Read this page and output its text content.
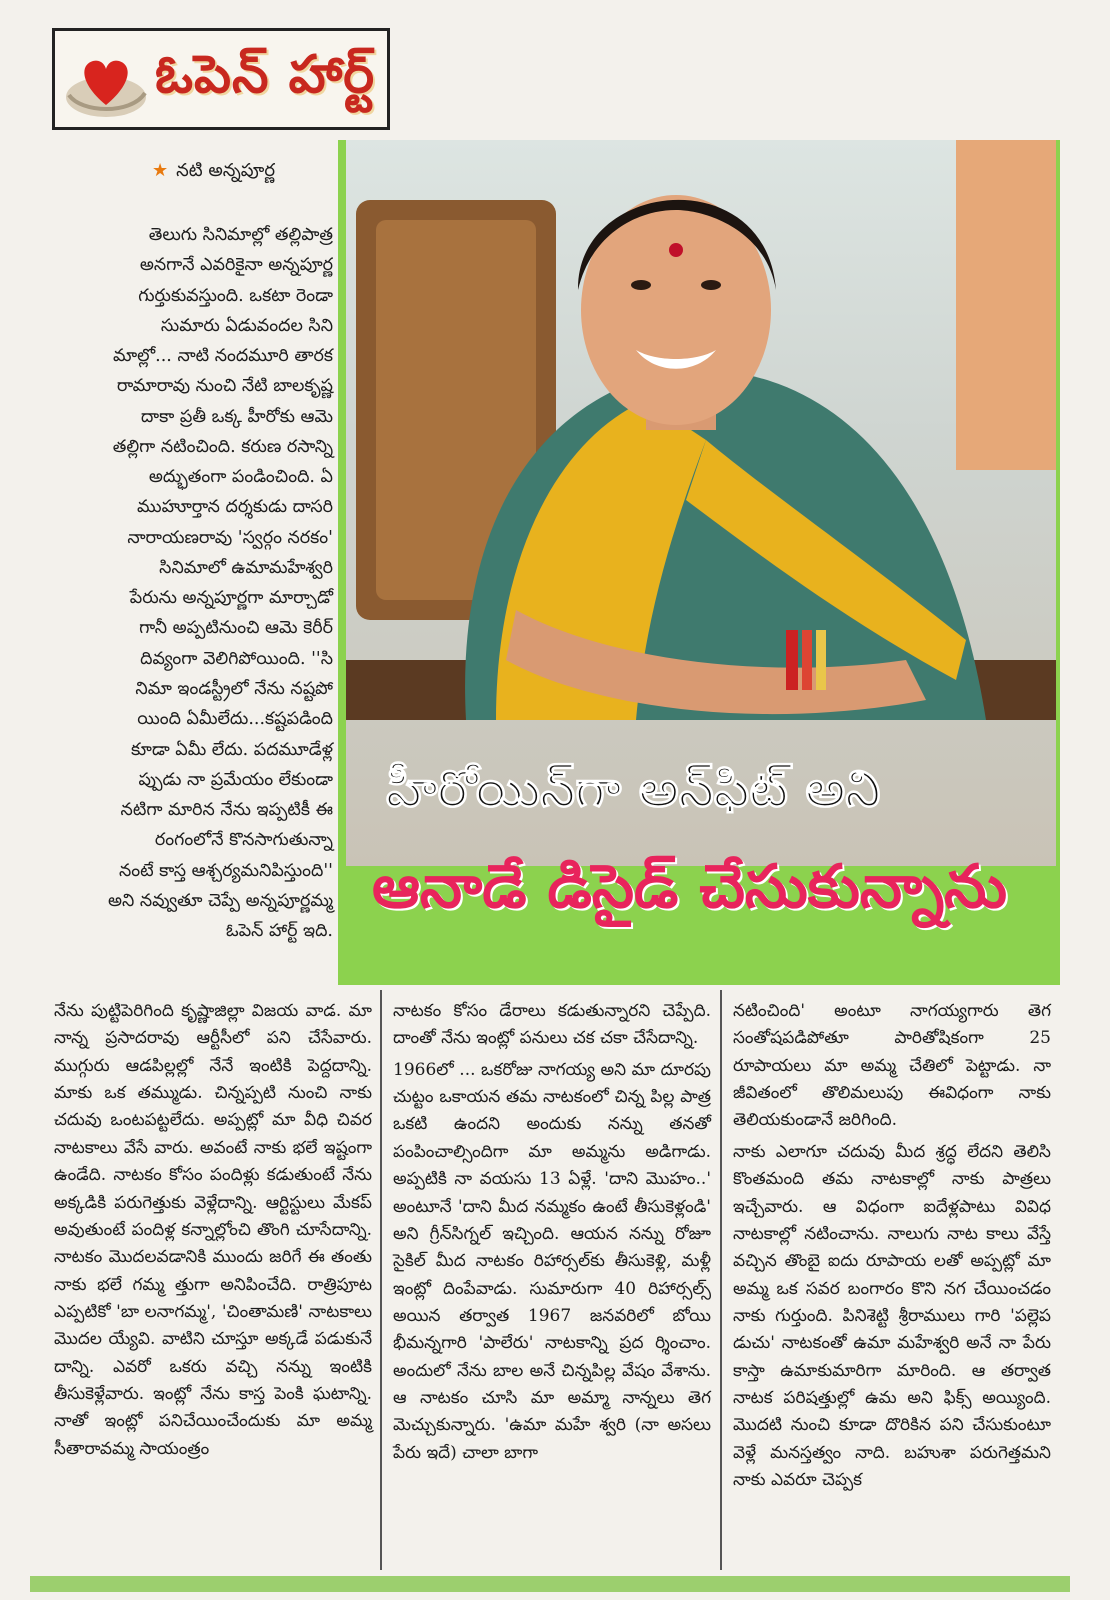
ఓపెన్ హార్ట్
★ నటి అన్నపూర్ణ
తెలుగు సినిమాల్లో తల్లిపాత్ర
అనగానే ఎవరికైనా అన్నపూర్ణ
గుర్తుకువస్తుంది. ఒకటా రెండా
సుమారు ఏడువందల సిని
మాల్లో... నాటి నందమూరి తారక
రామారావు నుంచి నేటి బాలకృష్ణ
దాకా ప్రతీ ఒక్క హీరోకు ఆమె
తల్లిగా నటించింది. కరుణ రసాన్ని
అద్భుతంగా పండించింది. ఏ
ముహూర్తాన దర్శకుడు దాసరి
నారాయణరావు 'స్వర్గం నరకం'
సినిమాలో ఉమామహేశ్వరి
పేరును అన్నపూర్ణగా మార్చాడో
గానీ అప్పటినుంచి ఆమె కెరీర్
దివ్యంగా వెలిగిపోయింది. ''సి
నిమా ఇండస్ట్రీలో నేను నష్టపో
యింది ఏమీలేదు...కష్టపడింది
కూడా ఏమీ లేదు. పదమూడేళ్ల
ప్పుడు నా ప్రమేయం లేకుండా
నటిగా మారిన నేను ఇప్పటికీ ఈ
రంగంలోనే కొనసాగుతున్నా
నంటే కాస్త ఆశ్చర్యమనిపిస్తుంది''
అని నవ్వుతూ చెప్పే అన్నపూర్ణమ్మ
ఓపెన్ హార్ట్ ఇది.
హీరోయిన్‌గా అన్‌ఫిట్ అని
ఆనాడే డిసైడ్ చేసుకున్నాను

నేను పుట్టిపెరిగింది కృష్ణాజిల్లా విజయ వాడ. మా నాన్న ప్రసాదరావు ఆర్టీసీలో పని చేసేవారు. ముగ్గురు ఆడపిల్లల్లో నేనే ఇంటికి పెద్దదాన్ని. మాకు ఒక తమ్ముడు. చిన్నప్పటి నుంచి నాకు చదువు ఒంటపట్టలేదు. అప్పట్లో మా వీధి చివర నాటకాలు వేసే వారు. అవంటే నాకు భలే ఇష్టంగా ఉండేది. నాటకం కోసం పందిళ్లు కడుతుంటే నేను అక్కడికి పరుగెత్తుకు వెళ్లేదాన్ని. ఆర్టిస్టులు మేకప్ అవుతుంటే పందిళ్ల కన్నాల్లోంచి తొంగి చూసేదాన్ని. నాటకం మొదలవడానికి ముందు జరిగే ఈ తంతు నాకు భలే గమ్మ త్తుగా అనిపించేది. రాత్రిపూట ఎప్పటికో 'బా లనాగమ్మ', 'చింతామణి' నాటకాలు మొదల య్యేవి. వాటిని చూస్తూ అక్కడే పడుకునే దాన్ని. ఎవరో ఒకరు వచ్చి నన్ను ఇంటికి తీసుకెళ్లేవారు. ఇంట్లో నేను కాస్త పెంకి ఘటాన్ని. నాతో ఇంట్లో పనిచేయించేందుకు మా అమ్మ సీతారావమ్మ సాయంత్రం

నాటకం కోసం డేరాలు కడుతున్నారని చెప్పేది. దాంతో నేను ఇంట్లో పనులు చక చకా చేసేదాన్ని.

1966లో ... ఒకరోజు నాగయ్య అని మా దూరపు చుట్టం ఒకాయన తమ నాటకంలో చిన్న పిల్ల పాత్ర ఒకటి ఉందని అందుకు నన్ను తనతో పంపించాల్సిందిగా మా అమ్మను అడిగాడు. అప్పటికి నా వయసు 13 ఏళ్లే. 'దాని మొహం..' అంటూనే 'దాని మీద నమ్మకం ఉంటే తీసుకెళ్లండి' అని గ్రీన్‌సిగ్నల్ ఇచ్చింది. ఆయన నన్ను రోజూ సైకిల్ మీద నాటకం రిహార్సల్‌కు తీసుకెళ్లి, మళ్లీ ఇంట్లో దింపేవాడు. సుమారుగా 40 రిహార్సల్స్ అయిన తర్వాత 1967 జనవరిలో బోయి భీమన్నగారి 'పాలేరు' నాటకాన్ని ప్రద ర్శించాం. అందులో నేను బాల అనే చిన్నపిల్ల వేషం వేశాను. ఆ నాటకం చూసి మా అమ్మా నాన్నలు తెగ మెచ్చుకున్నారు. 'ఉమా మహే శ్వరి (నా అసలు పేరు ఇదే) చాలా బాగా

నటించింది' అంటూ నాగయ్యగారు తెగ సంతోషపడిపోతూ పారితోషికంగా 25 రూపాయలు మా అమ్మ చేతిలో పెట్టాడు. నా జీవితంలో తొలిమలుపు ఈవిధంగా నాకు తెలియకుండానే జరిగింది.

నాకు ఎలాగూ చదువు మీద శ్రద్ధ లేదని తెలిసి కొంతమంది తమ నాటకాల్లో నాకు పాత్రలు ఇచ్చేవారు. ఆ విధంగా ఐదేళ్లపాటు వివిధ నాటకాల్లో నటించాను. నాలుగు నాట కాలు వేస్తే వచ్చిన తొంబై ఐదు రూపాయ లతో అప్పట్లో మా అమ్మ ఒక సవర బంగారం కొని నగ చేయించడం నాకు గుర్తుంది. పినిశెట్టి శ్రీరాములు గారి 'పల్లెప డుచు' నాటకంతో ఉమా మహేశ్వరి అనే నా పేరు కాస్తా ఉమాకుమారిగా మారింది. ఆ తర్వాత నాటక పరిషత్తుల్లో ఉమ అని ఫిక్స్ అయ్యింది. మొదటి నుంచి కూడా దొరికిన పని చేసుకుంటూ వెళ్లే మనస్తత్వం నాది. బహుశా పరుగెత్తమని నాకు ఎవరూ చెప్పక
